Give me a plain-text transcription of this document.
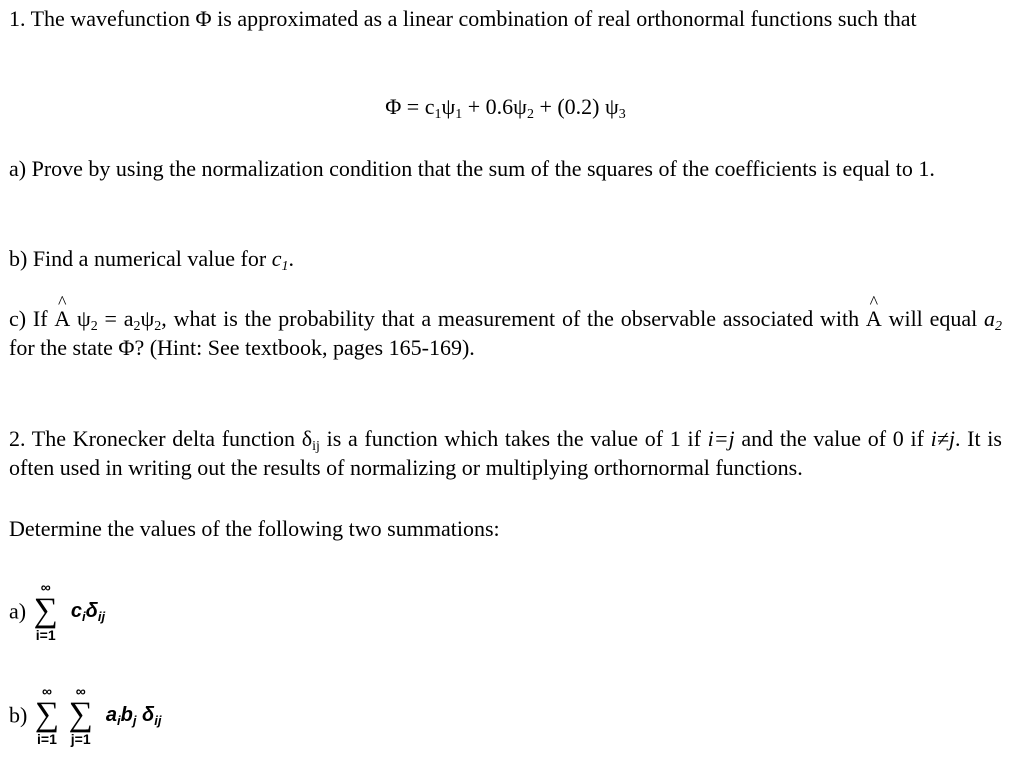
1. The wavefunction Φ is approximated as a linear combination of real orthonormal functions such that
$\Phi = c_1\psi_1 + 0.6\psi_2 + (0.2)$ $\psi_3$
a) Prove by using the normalization condition that the sum of the squares of the coefficients is equal to 1.
b) Find a numerical value for $c_1$.
c) If ^ A $\psi_2 = a_2\psi_2$, what is the probability that a measurement of the observable associated with ^ A will equal $a_2$ for the state Φ? (Hint: See textbook, pages 165-169).
2. The Kronecker delta function $\delta_{ij}$ is a function which takes the value of 1 if i=j and the value of 0 if i≠j. It is often used in writing out the results of normalizing or multiplying orthornormal functions.
Determine the values of the following two summations:
a)
∞
∑
i=1
$c_i\delta_{ij}$
b)
∞
∑
i=1

∞
∑
j=1
$a_ib_j$ $\delta_{ij}$
